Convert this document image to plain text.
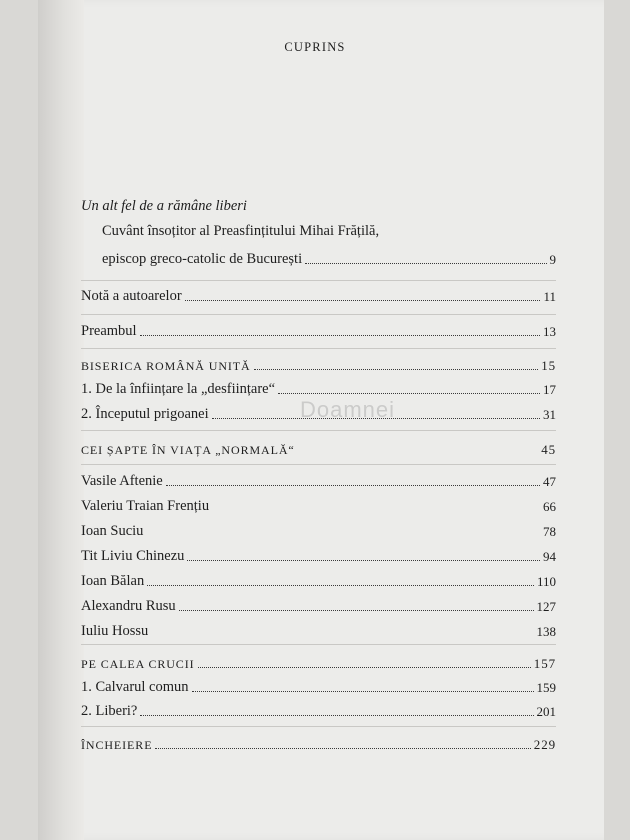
CUPRINS
Un alt fel de a rămâne liberi
Cuvânt însoțitor al Preasfințitului Mihai Frățilă,
episcop greco-catolic de București	9
Notă a autoarelor	11
Preambul	13
BISERICA ROMÂNĂ UNITĂ	15
1. De la înființare la „desființare“	17
2. Începutul prigoanei	31
CEI ȘAPTE ÎN VIAȚA „NORMALĂ“	45
Vasile Aftenie	47
Valeriu Traian Frențiu	66
Ioan Suciu	78
Tit Liviu Chinezu	94
Ioan Bălan	110
Alexandru Rusu	127
Iuliu Hossu	138
PE CALEA CRUCII	157
1. Calvarul comun	159
2. Liberi?	201
ÎNCHEIERE	229
Doamnei
